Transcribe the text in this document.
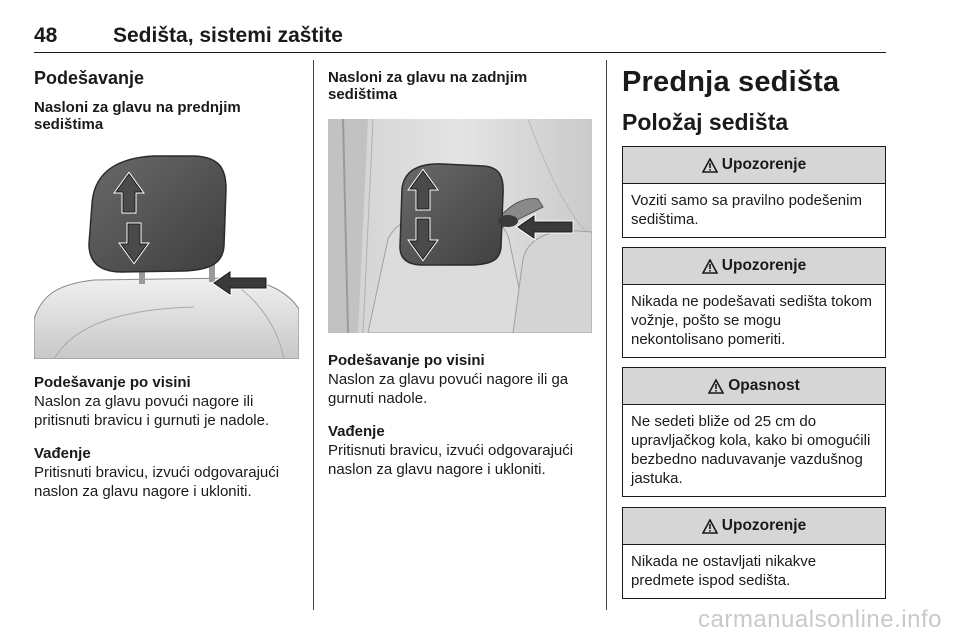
48	Sedišta, sistemi zaštite
Podešavanje
Nasloni za glavu na prednjim sedištima

Podešavanje po visini

Naslon za glavu povući nagore ili pritisnuti bravicu i gurnuti je nadole.

Vađenje

Pritisnuti bravicu, izvući odgovarajući naslon za glavu nagore i ukloniti.

Nasloni za glavu na zadnjim sedištima

Podešavanje po visini

Naslon za glavu povući nagore ili ga gurnuti nadole.

Vađenje

Pritisnuti bravicu, izvući odgovarajući naslon za glavu nagore i ukloniti.

Prednja sedišta
Položaj sedišta
Upozorenje
Voziti samo sa pravilno podešenim sedištima.
Upozorenje
Nikada ne podešavati sedišta tokom vožnje, pošto se mogu nekontolisano pomeriti.
Opasnost
Ne sedeti bliže od 25 cm do upravljačkog kola, kako bi omogućili bezbedno naduvavanje vazdušnog jastuka.
Upozorenje
Nikada ne ostavljati nikakve predmete ispod sedišta.
carmanualsonline.info
